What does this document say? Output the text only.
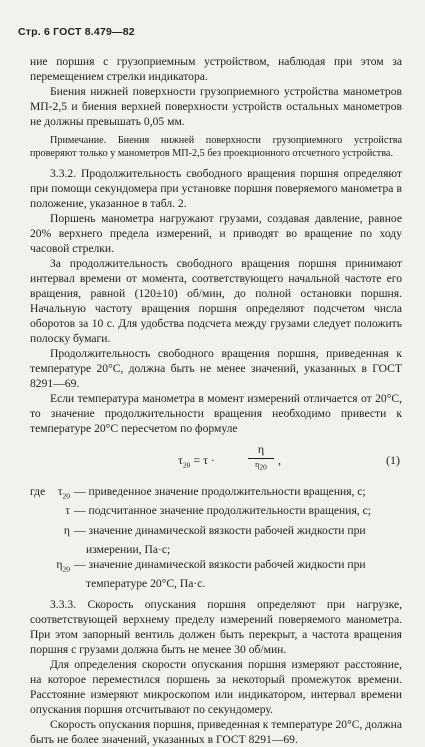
Стр. 6 ГОСТ 8.479—82

ние поршня с грузоприемным устройством, наблюдая при этом за перемещением стрелки индикатора.

Биения нижней поверхности грузоприемного устройства манометров МП-2,5 и биения верхней поверхности устройств остальных манометров не должны превышать 0,05 мм.

Примечание. Биения нижней поверхности грузоприемного устройства проверяют только у манометров МП-2,5 без проекционного отсчетного устройства.

3.3.2. Продолжительность свободного вращения поршня определяют при помощи секундомера при установке поршня поверяемого манометра в положение, указанное в табл. 2.

Поршень манометра нагружают грузами, создавая давление, равное 20% верхнего предела измерений, и приводят во вращение по ходу часовой стрелки.

За продолжительность свободного вращения поршня принимают интервал времени от момента, соответствующего начальной частоте его вращения, равной (120±10) об/мин, до полной остановки поршня. Начальную частоту вращения поршня определяют подсчетом числа оборотов за 10 с. Для удобства подсчета между грузами следует положить полоску бумаги.

Продолжительность свободного вращения поршня, приведенная к температуре 20°C, должна быть не менее значений, указанных в ГОСТ 8291—69.

Если температура манометра в момент измерений отличается от 20°C, то значение продолжительности вращения необходимо привести к температуре 20°C пересчетом по формуле

$\tau_{20} = \tau$ ·
η
$\eta_{20}$
,	(1)
где	$\tau_{20}$ — приведенное значение продолжительности вращения, с;
τ — подсчитанное значение продолжительности вращения, с;
η — значение динамической вязкости рабочей жидкости при
измерении, Па·с;
$\eta_{20}$ — значение динамической вязкости рабочей жидкости при
температуре 20°C, Па·с.

3.3.3. Скорость опускания поршня определяют при нагрузке, соответствующей верхнему пределу измерений поверяемого манометра. При этом запорный вентиль должен быть перекрыт, а частота вращения поршня с грузами должна быть не менее 30 об/мин.

Для определения скорости опускания поршня измеряют расстояние, на которое переместился поршень за некоторый промежуток времени. Расстояние измеряют микроскопом или индикатором, интервал времени опускания поршня отсчитывают по секундомеру.

Скорость опускания поршня, приведенная к температуре 20°C, должна быть не более значений, указанных в ГОСТ 8291—69.
